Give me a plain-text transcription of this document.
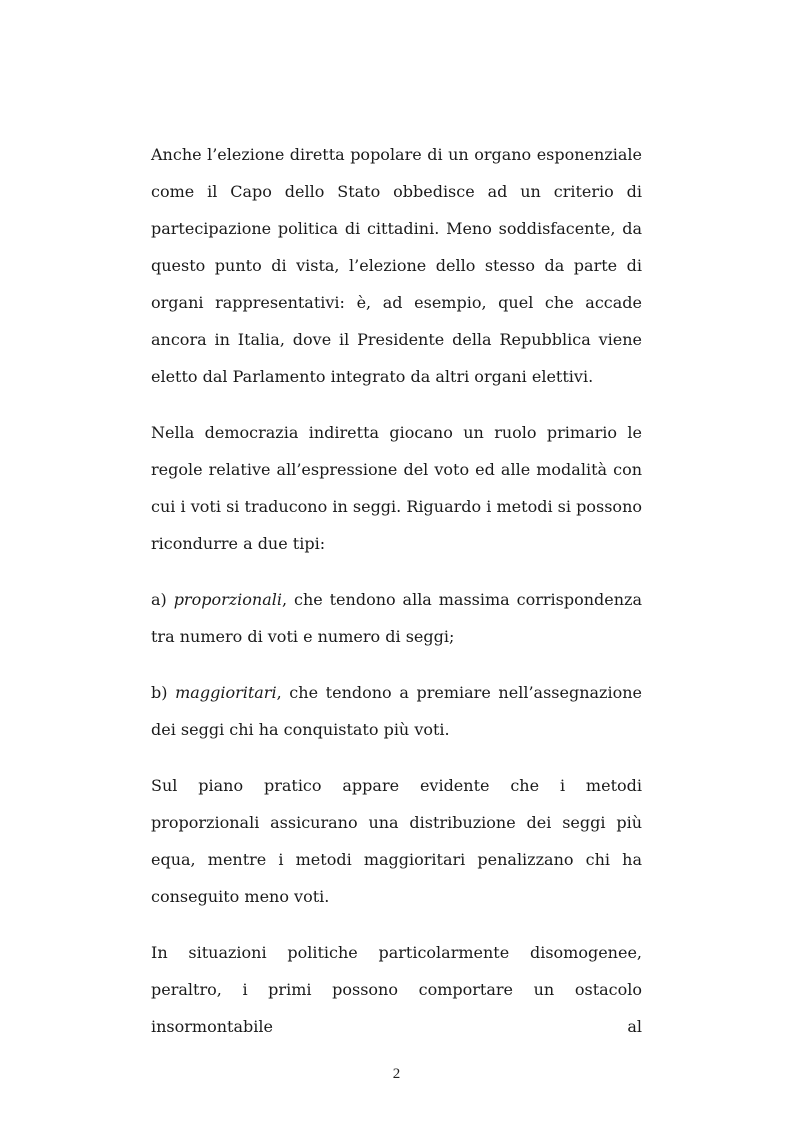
Anche l’elezione diretta popolare di un organo esponenziale come il Capo dello Stato obbedisce ad un criterio di partecipazione politica di cittadini. Meno soddisfacente, da questo punto di vista, l’elezione dello stesso da parte di organi rappresentativi: è, ad esempio, quel che accade ancora in Italia, dove il Presidente della Repubblica viene eletto dal Parlamento integrato da altri organi elettivi.

Nella democrazia indiretta giocano un ruolo primario le regole relative all’espressione del voto ed alle modalità con cui i voti si traducono in seggi. Riguardo i metodi si possono ricondurre a due tipi:

a) proporzionali, che tendono alla massima corrispondenza tra numero di voti e numero di seggi;

b) maggioritari, che tendono a premiare nell’assegnazione dei seggi chi ha conquistato più voti.

Sul piano pratico appare evidente che i metodi proporzionali assicurano una distribuzione dei seggi più equa, mentre i metodi maggioritari penalizzano chi ha conseguito meno voti.

In situazioni politiche particolarmente disomogenee, peraltro, i primi possono comportare un ostacolo insormontabile al

2
